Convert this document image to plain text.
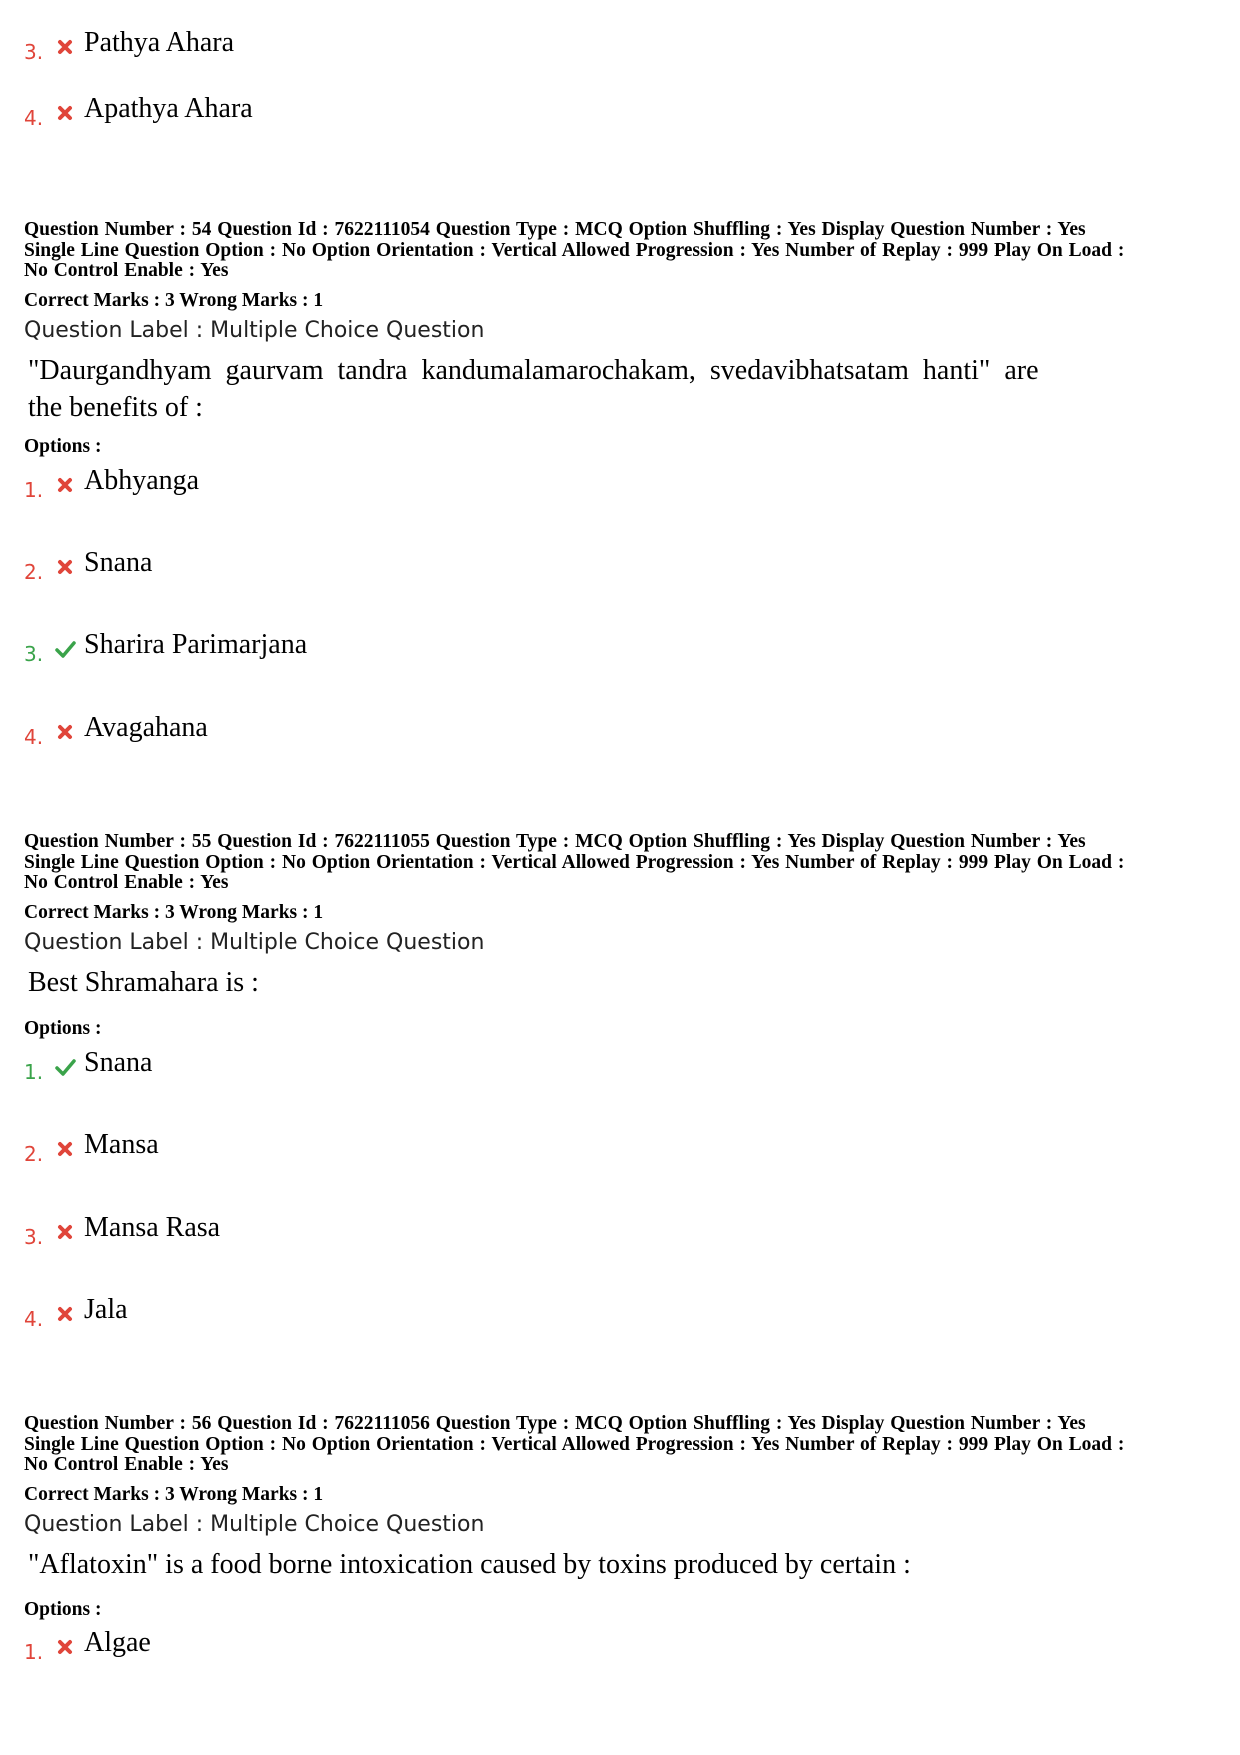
3. Pathya Ahara
4. Apathya Ahara
Question Number : 54 Question Id : 7622111054 Question Type : MCQ Option Shuffling : Yes Display Question Number : Yes
Single Line Question Option : No Option Orientation : Vertical Allowed Progression : Yes Number of Replay : 999 Play On Load :
No Control Enable : Yes
Correct Marks : 3 Wrong Marks : 1
Question Label : Multiple Choice Question
"Daurgandhyam  gaurvam  tandra  kandumalamarochakam,  svedavibhatsatam  hanti"  are
the benefits of :
Options :
1. Abhyanga
2. Snana
3. Sharira Parimarjana
4. Avagahana
Question Number : 55 Question Id : 7622111055 Question Type : MCQ Option Shuffling : Yes Display Question Number : Yes
Single Line Question Option : No Option Orientation : Vertical Allowed Progression : Yes Number of Replay : 999 Play On Load :
No Control Enable : Yes
Correct Marks : 3 Wrong Marks : 1
Question Label : Multiple Choice Question
Best Shramahara is :
Options :
1. Snana
2. Mansa
3. Mansa Rasa
4. Jala
Question Number : 56 Question Id : 7622111056 Question Type : MCQ Option Shuffling : Yes Display Question Number : Yes
Single Line Question Option : No Option Orientation : Vertical Allowed Progression : Yes Number of Replay : 999 Play On Load :
No Control Enable : Yes
Correct Marks : 3 Wrong Marks : 1
Question Label : Multiple Choice Question
"Aflatoxin" is a food borne intoxication caused by toxins produced by certain :
Options :
1. Algae
